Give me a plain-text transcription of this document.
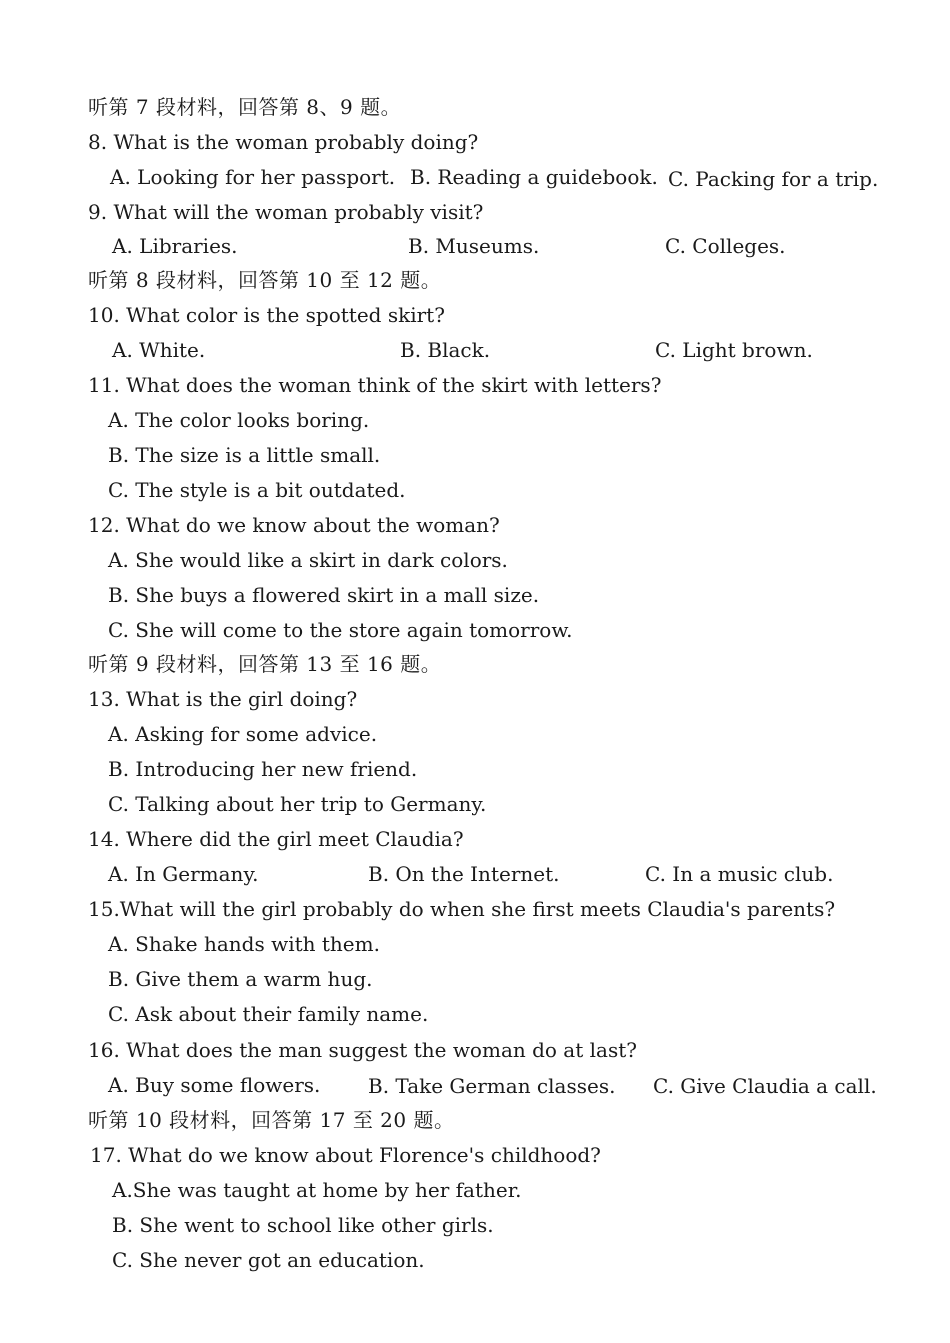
听第 7 段材料，回答第 8、9 题。
8. What is the woman probably doing?
A. Looking for her passport. B. Reading a guidebook. C. Packing for a trip.
9. What will the woman probably visit?
A. Libraries.	B. Museums.	C. Colleges.
听第 8 段材料，回答第 10 至 12 题。
10. What color is the spotted skirt?
A. White.	B. Black.	C. Light brown.
11. What does the woman think of the skirt with letters?
A. The color looks boring.
B. The size is a little small.
C. The style is a bit outdated.
12. What do we know about the woman?
A. She would like a skirt in dark colors.
B. She buys a flowered skirt in a mall size.
C. She will come to the store again tomorrow.
听第 9 段材料，回答第 13 至 16 题。
13. What is the girl doing?
A. Asking for some advice.
B. Introducing her new friend.
C. Talking about her trip to Germany.
14. Where did the girl meet Claudia?
A. In Germany.	B. On the Internet.	C. In a music club.
15.What will the girl probably do when she first meets Claudia's parents?
A. Shake hands with them.
B. Give them a warm hug.
C. Ask about their family name.
16. What does the man suggest the woman do at last?
A. Buy some flowers. B. Take German classes. C. Give Claudia a call.
听第 10 段材料，回答第 17 至 20 题。
17. What do we know about Florence's childhood?
A.She was taught at home by her father.
B. She went to school like other girls.
C. She never got an education.
